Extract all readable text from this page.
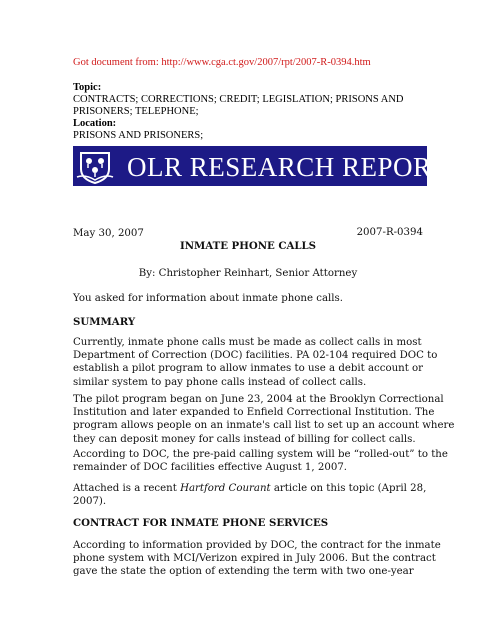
Got document from: http://www.cga.ct.gov/2007/rpt/2007-R-0394.htm
Topic:
CONTRACTS; CORRECTIONS; CREDIT; LEGISLATION; PRISONS AND
PRISONERS; TELEPHONE;
Location:
PRISONS AND PRISONERS;
OLR RESEARCH REPORT
May 30, 2007	2007-R-0394
INMATE PHONE CALLS
By: Christopher Reinhart, Senior Attorney
You asked for information about inmate phone calls.
SUMMARY
Currently, inmate phone calls must be made as collect calls in most
Department of Correction (DOC) facilities. PA 02-104 required DOC to
establish a pilot program to allow inmates to use a debit account or
similar system to pay phone calls instead of collect calls.
The pilot program began on June 23, 2004 at the Brooklyn Correctional
Institution and later expanded to Enfield Correctional Institution. The
program allows people on an inmate's call list to set up an account where
they can deposit money for calls instead of billing for collect calls.
According to DOC, the pre-paid calling system will be “rolled-out” to the
remainder of DOC facilities effective August 1, 2007.
Attached is a recent Hartford Courant article on this topic (April 28,
2007).
CONTRACT FOR INMATE PHONE SERVICES
According to information provided by DOC, the contract for the inmate
phone system with MCI/Verizon expired in July 2006. But the contract
gave the state the option of extending the term with two one-year
